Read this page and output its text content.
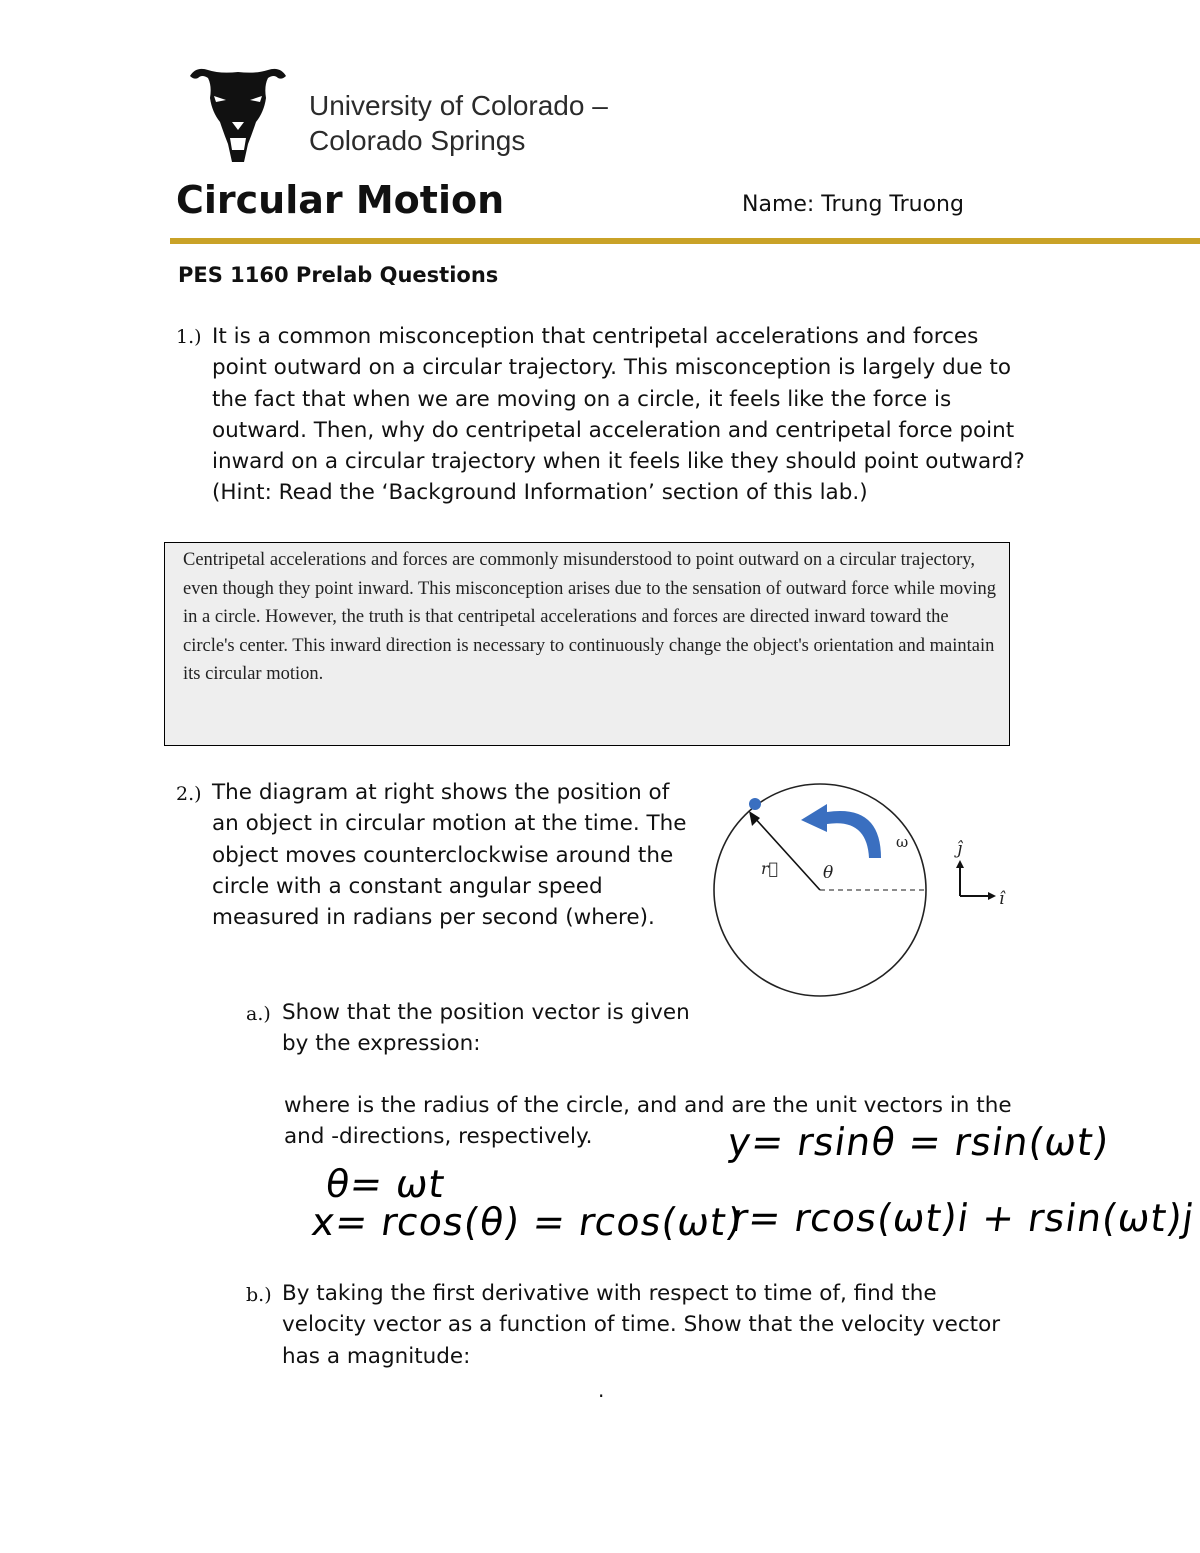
University of Colorado –
Colorado Springs
Circular Motion	Name: Trung Truong
PES 1160 Prelab Questions
1.) It is a common misconception that centripetal accelerations and forces point outward on a circular trajectory. This misconception is largely due to the fact that when we are moving on a circle, it feels like the force is outward. Then, why do centripetal acceleration and centripetal force point inward on a circular trajectory when it feels like they should point outward? (Hint: Read the ‘Background Information’ section of this lab.)
Centripetal accelerations and forces are commonly misunderstood to point outward on a circular trajectory, even though they point inward. This misconception arises due to the sensation of outward force while moving in a circle. However, the truth is that centripetal accelerations and forces are directed inward toward the circle's center. This inward direction is necessary to continuously change the object's orientation and maintain its circular motion.
2.) The diagram at right shows the position of an object in circular motion at the time. The object moves counterclockwise around the circle with a constant angular speed measured in radians per second (where).
r⃗	θ
ω	ĵ
î
a.) Show that the position vector is given by the expression:
where is the radius of the circle, and and are the unit vectors in the and -directions, respectively.	y= rsinθ = rsin(ωt)
θ= ωt
x= rcos(θ) = rcos(ωt)
r= rcos(ωt)i + rsin(ωt)j
b.) By taking the first derivative with respect to time of, find the velocity vector as a function of time. Show that the velocity vector has a magnitude:
.
